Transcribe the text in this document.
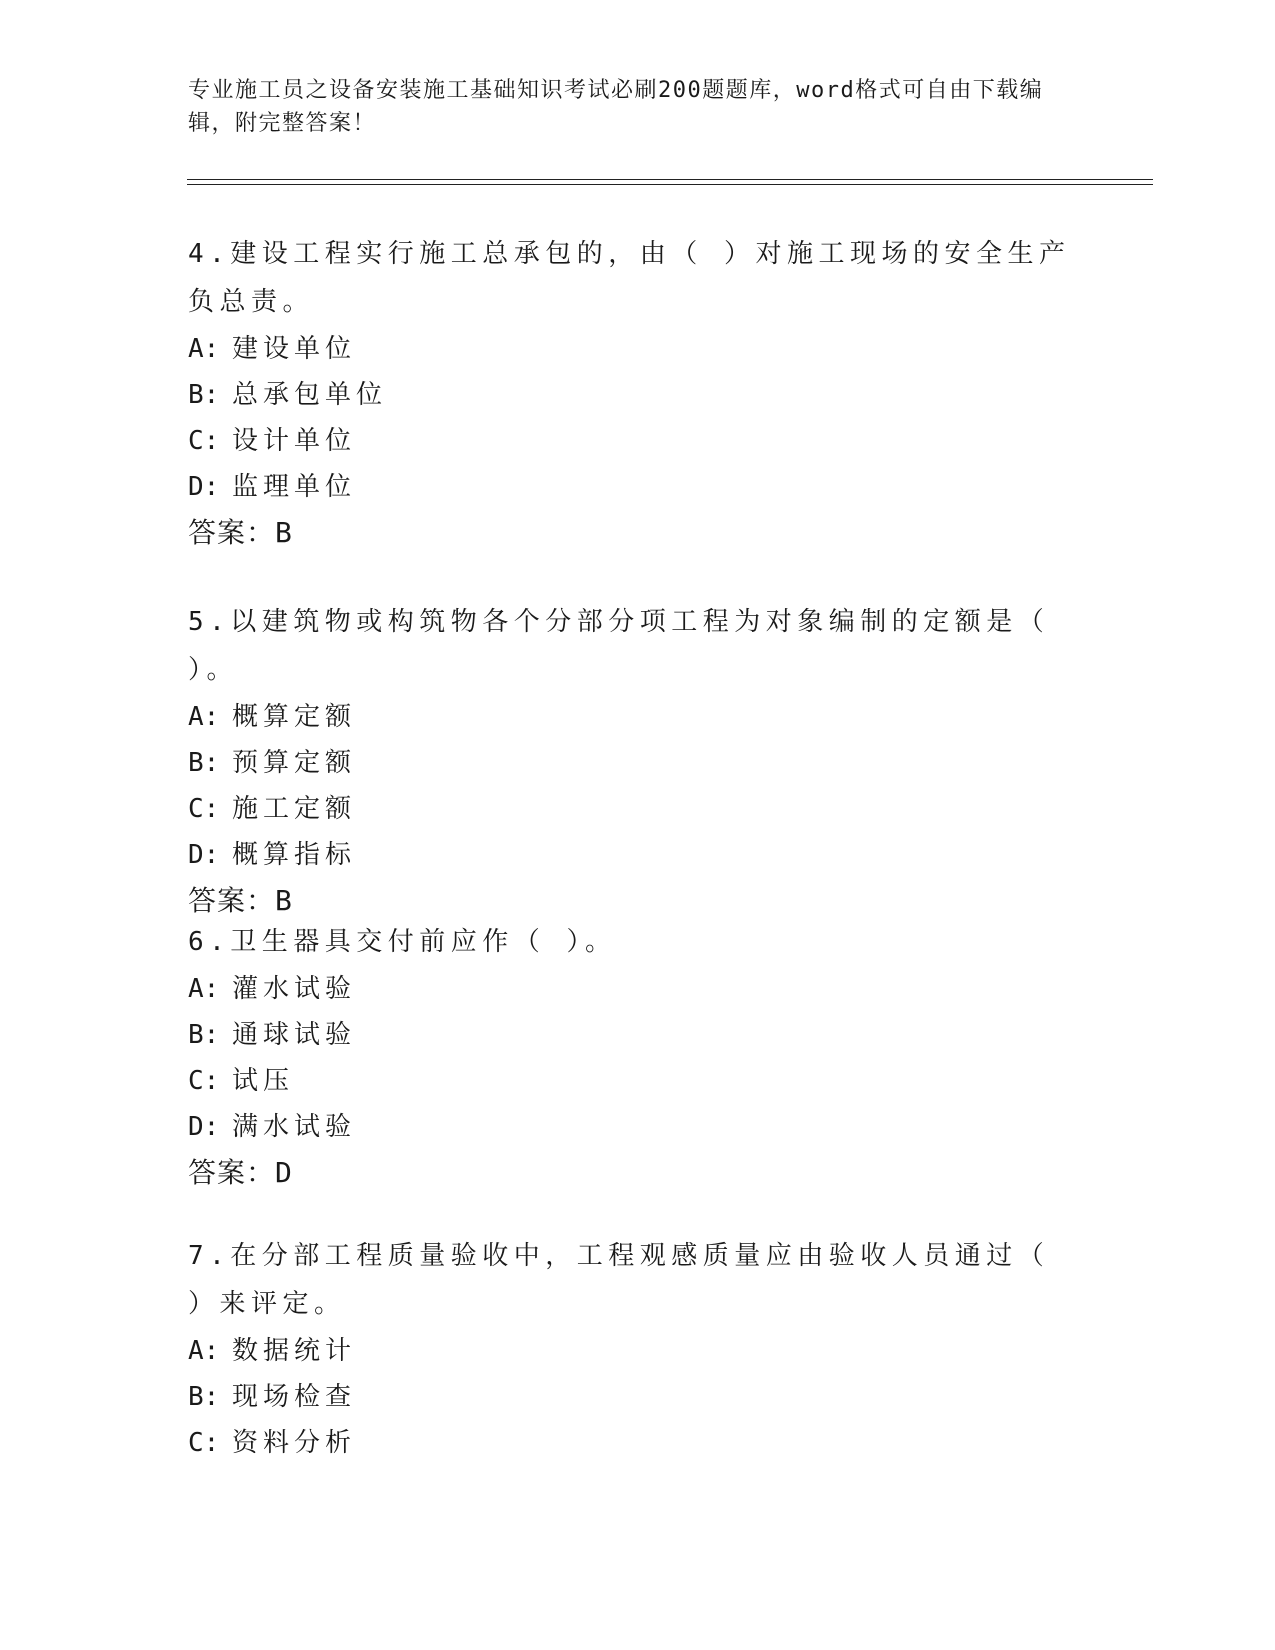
专业施工员之设备安装施工基础知识考试必刷200题题库，word格式可自由下载编辑，附完整答案！

4.建设工程实行施工总承包的，由（ ）对施工现场的安全生产负总责。

A: 建设单位
B: 总承包单位
C: 设计单位
D: 监理单位
答案：B

5.以建筑物或构筑物各个分部分项工程为对象编制的定额是（ ）。

A: 概算定额
B: 预算定额
C: 施工定额
D: 概算指标
答案：B

6.卫生器具交付前应作（ ）。

A: 灌水试验
B: 通球试验
C: 试压
D: 满水试验
答案：D

7.在分部工程质量验收中，工程观感质量应由验收人员通过（ ）来评定。

A: 数据统计
B: 现场检查
C: 资料分析
